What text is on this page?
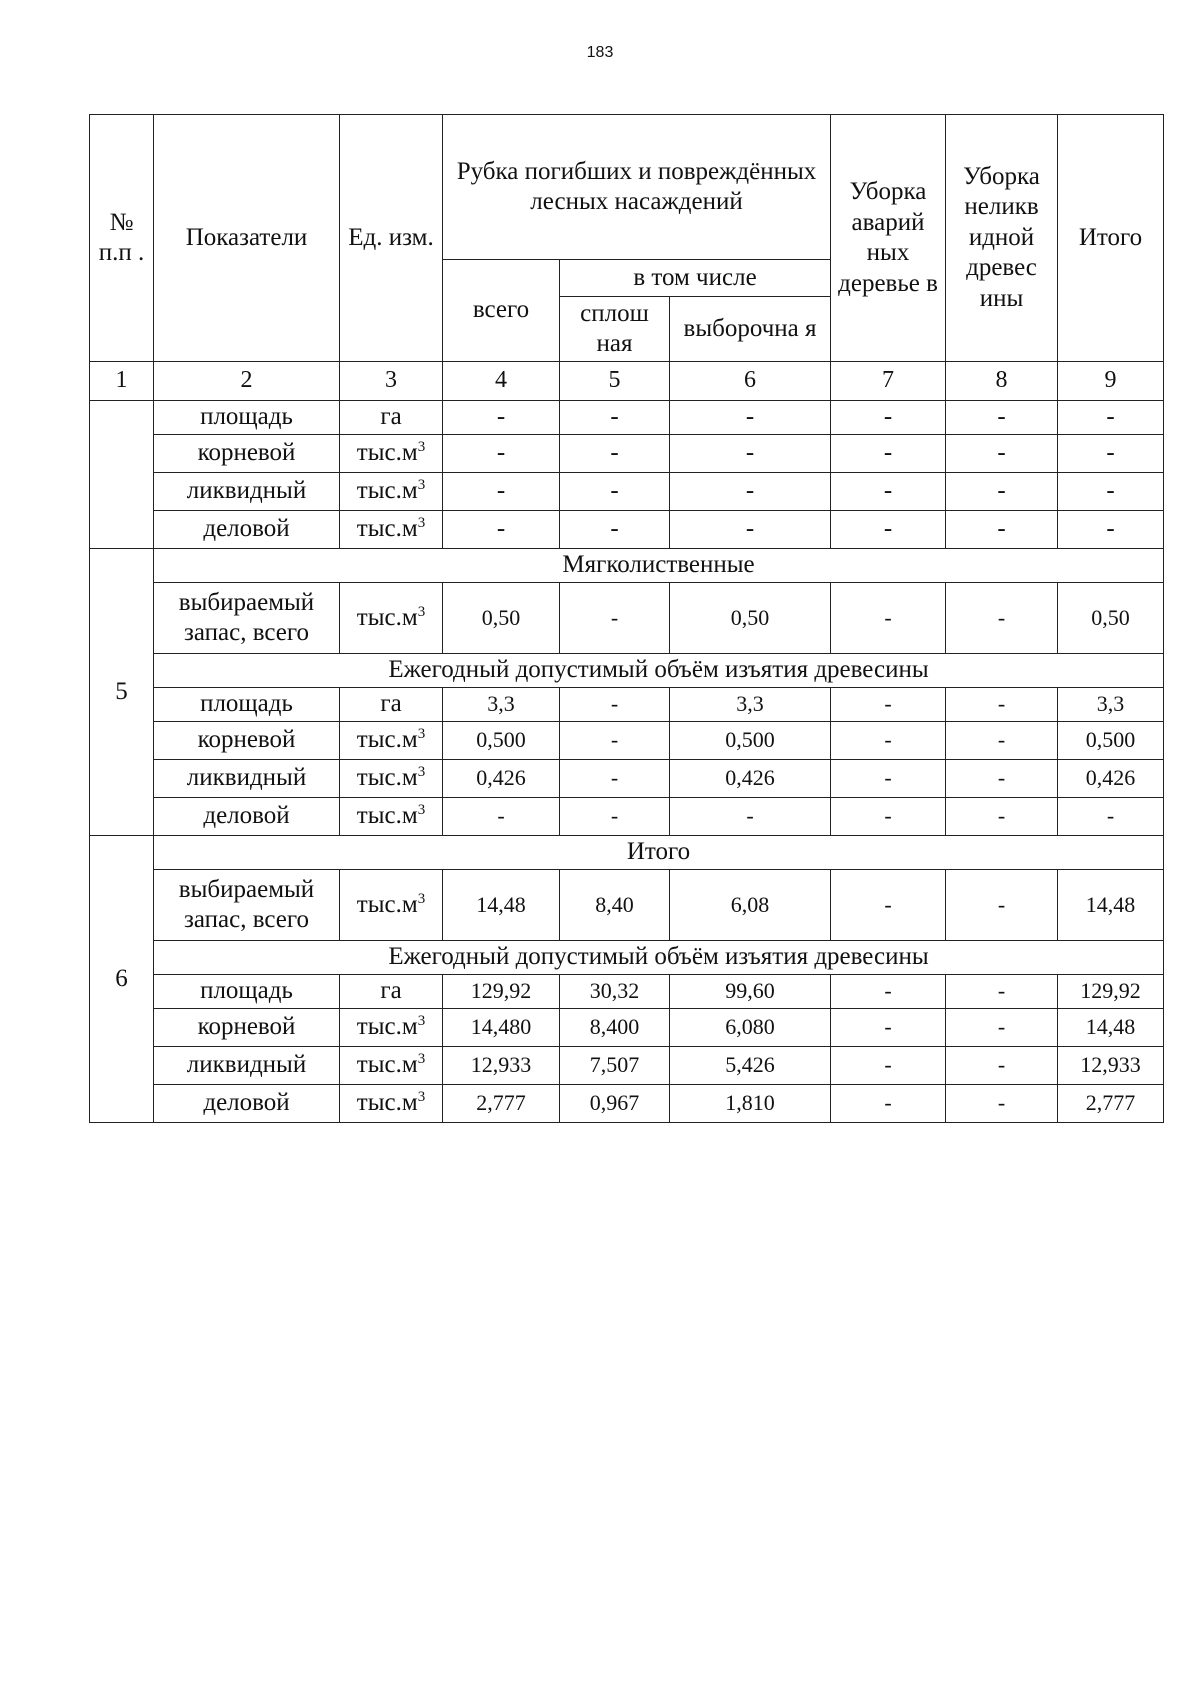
183
№ п.п .	Показатели	Ед. изм.	Рубка погибших и повреждённых лесных насаждений			Уборка аварий ных деревье в	Уборка неликв идной древес ины	Итого
			всего	в том числе				
				сплош ная	выборочна я			
1	2	3	4	5	6	7	8	9
	площадь	га	-	-	-	-	-	-
	корневой	$тыс.м^3$	-	-	-	-	-	-
	ликвидный	$тыс.м^3$	-	-	-	-	-	-
	деловой	$тыс.м^3$	-	-	-	-	-	-
5	Мягколиственные							
	выбираемый запас, всего	$тыс.м^3$	0,50	-	0,50	-	-	0,50
	Ежегодный допустимый объём изъятия древесины							
	площадь	га	3,3	-	3,3	-	-	3,3
	корневой	$тыс.м^3$	0,500	-	0,500	-	-	0,500
	ликвидный	$тыс.м^3$	0,426	-	0,426	-	-	0,426
	деловой	$тыс.м^3$	-	-	-	-	-	-
6	Итого							
	выбираемый запас, всего	$тыс.м^3$	14,48	8,40	6,08	-	-	14,48
	Ежегодный допустимый объём изъятия древесины							
	площадь	га	129,92	30,32	99,60	-	-	129,92
	корневой	$тыс.м^3$	14,480	8,400	6,080	-	-	14,48
	ликвидный	$тыс.м^3$	12,933	7,507	5,426	-	-	12,933
	деловой	$тыс.м^3$	2,777	0,967	1,810	-	-	2,777
